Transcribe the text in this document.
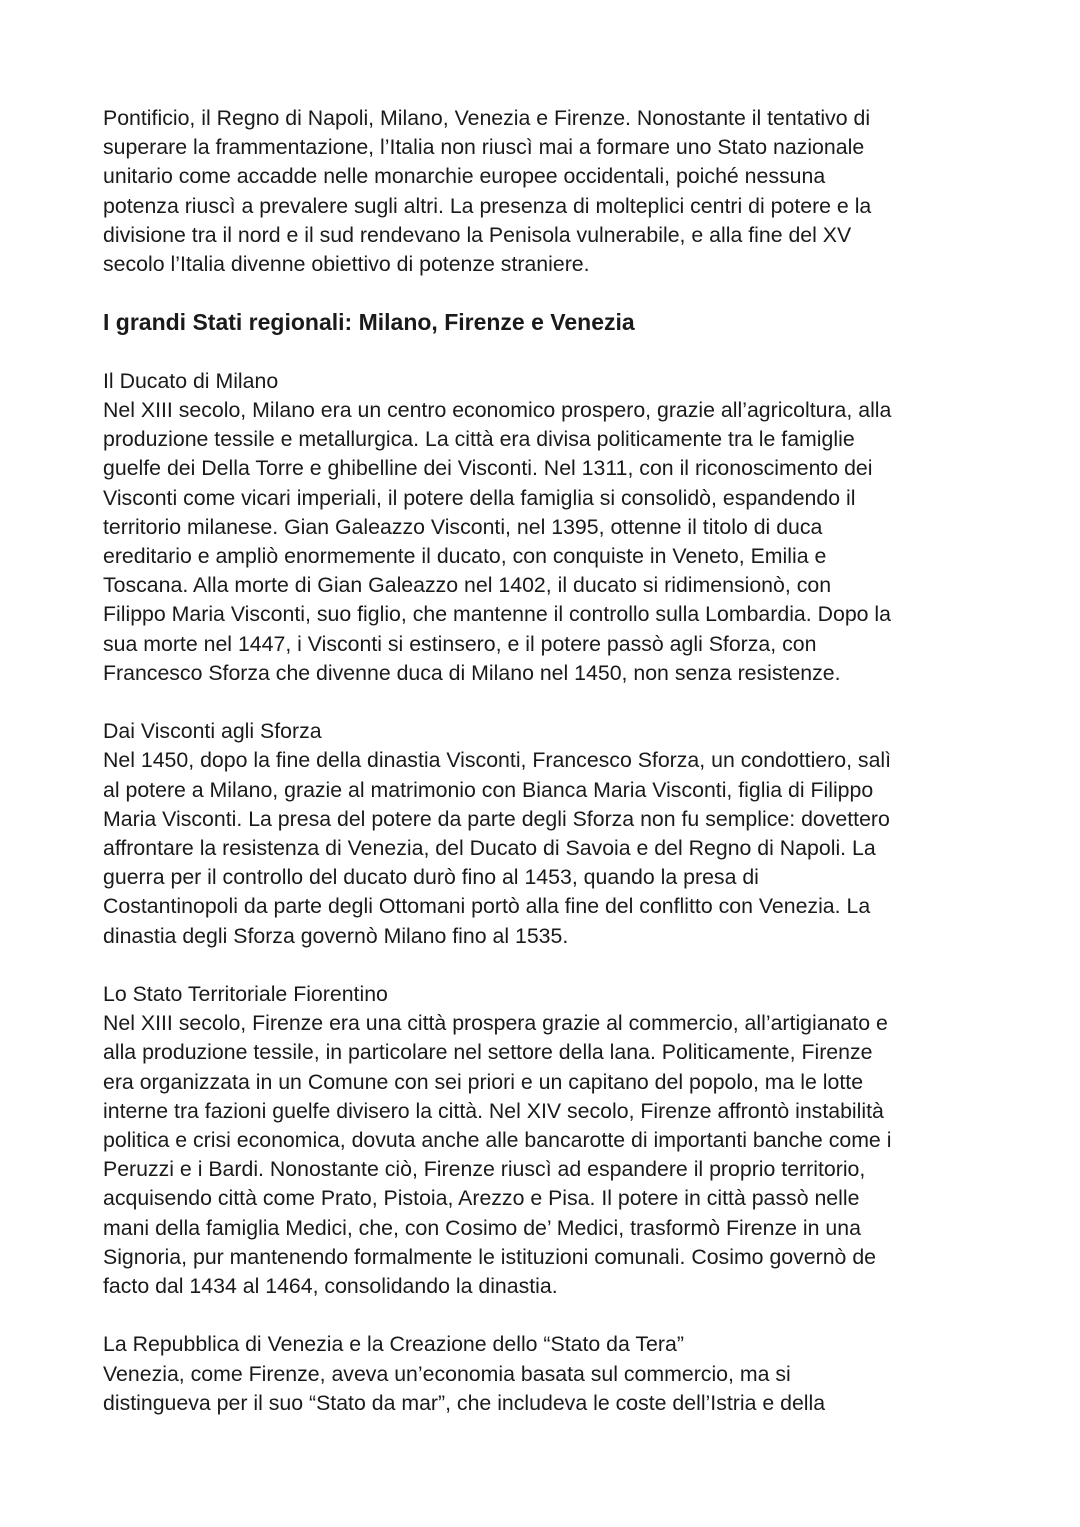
Pontificio, il Regno di Napoli, Milano, Venezia e Firenze. Nonostante il tentativo di
superare la frammentazione, l’Italia non riuscì mai a formare uno Stato nazionale
unitario come accadde nelle monarchie europee occidentali, poiché nessuna
potenza riuscì a prevalere sugli altri. La presenza di molteplici centri di potere e la
divisione tra il nord e il sud rendevano la Penisola vulnerabile, e alla fine del XV
secolo l’Italia divenne obiettivo di potenze straniere.
I grandi Stati regionali: Milano, Firenze e Venezia
Il Ducato di Milano
Nel XIII secolo, Milano era un centro economico prospero, grazie all’agricoltura, alla
produzione tessile e metallurgica. La città era divisa politicamente tra le famiglie
guelfe dei Della Torre e ghibelline dei Visconti. Nel 1311, con il riconoscimento dei
Visconti come vicari imperiali, il potere della famiglia si consolidò, espandendo il
territorio milanese. Gian Galeazzo Visconti, nel 1395, ottenne il titolo di duca
ereditario e ampliò enormemente il ducato, con conquiste in Veneto, Emilia e
Toscana. Alla morte di Gian Galeazzo nel 1402, il ducato si ridimensionò, con
Filippo Maria Visconti, suo figlio, che mantenne il controllo sulla Lombardia. Dopo la
sua morte nel 1447, i Visconti si estinsero, e il potere passò agli Sforza, con
Francesco Sforza che divenne duca di Milano nel 1450, non senza resistenze.
Dai Visconti agli Sforza
Nel 1450, dopo la fine della dinastia Visconti, Francesco Sforza, un condottiero, salì
al potere a Milano, grazie al matrimonio con Bianca Maria Visconti, figlia di Filippo
Maria Visconti. La presa del potere da parte degli Sforza non fu semplice: dovettero
affrontare la resistenza di Venezia, del Ducato di Savoia e del Regno di Napoli. La
guerra per il controllo del ducato durò fino al 1453, quando la presa di
Costantinopoli da parte degli Ottomani portò alla fine del conflitto con Venezia. La
dinastia degli Sforza governò Milano fino al 1535.
Lo Stato Territoriale Fiorentino
Nel XIII secolo, Firenze era una città prospera grazie al commercio, all’artigianato e
alla produzione tessile, in particolare nel settore della lana. Politicamente, Firenze
era organizzata in un Comune con sei priori e un capitano del popolo, ma le lotte
interne tra fazioni guelfe divisero la città. Nel XIV secolo, Firenze affrontò instabilità
politica e crisi economica, dovuta anche alle bancarotte di importanti banche come i
Peruzzi e i Bardi. Nonostante ciò, Firenze riuscì ad espandere il proprio territorio,
acquisendo città come Prato, Pistoia, Arezzo e Pisa. Il potere in città passò nelle
mani della famiglia Medici, che, con Cosimo de’ Medici, trasformò Firenze in una
Signoria, pur mantenendo formalmente le istituzioni comunali. Cosimo governò de
facto dal 1434 al 1464, consolidando la dinastia.
La Repubblica di Venezia e la Creazione dello “Stato da Tera”
Venezia, come Firenze, aveva un’economia basata sul commercio, ma si
distingueva per il suo “Stato da mar”, che includeva le coste dell’Istria e della
